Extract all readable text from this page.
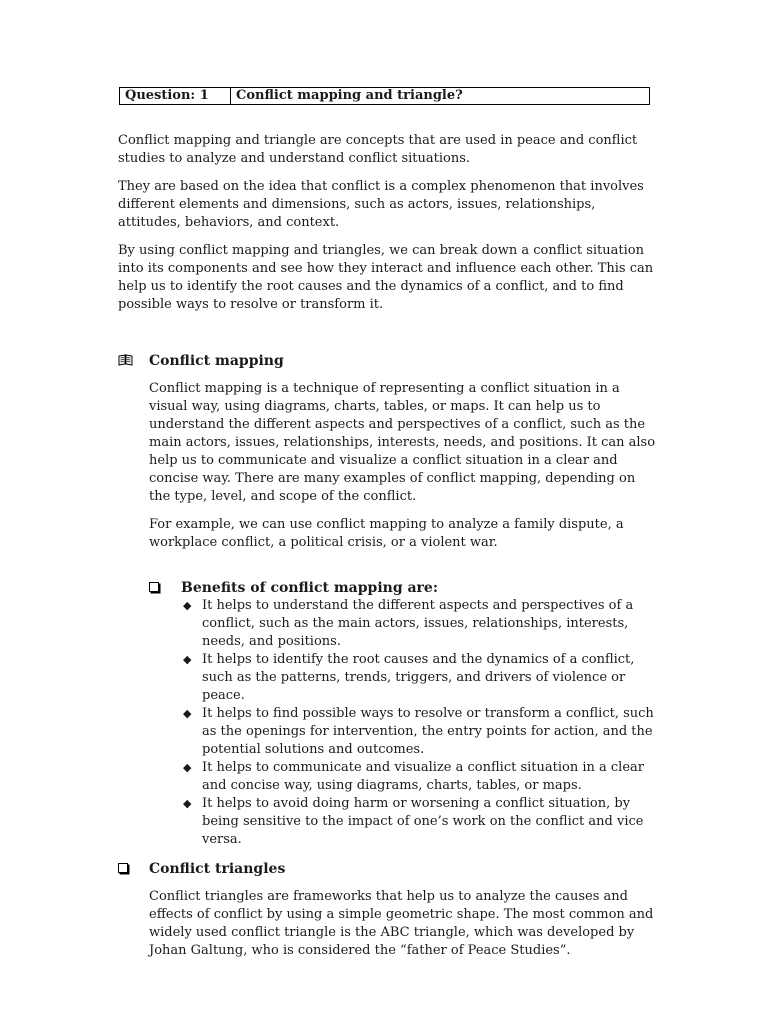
Question: 1	Conflict mapping and triangle?

Conflict mapping and triangle are concepts that are used in peace and conflict studies to analyze and understand conflict situations.

They are based on the idea that conflict is a complex phenomenon that involves different elements and dimensions, such as actors, issues, relationships, attitudes, behaviors, and context.

By using conflict mapping and triangles, we can break down a conflict situation into its components and see how they interact and influence each other. This can help us to identify the root causes and the dynamics of a conflict, and to find possible ways to resolve or transform it.

Conflict mapping

Conflict mapping is a technique of representing a conflict situation in a visual way, using diagrams, charts, tables, or maps. It can help us to understand the different aspects and perspectives of a conflict, such as the main actors, issues, relationships, interests, needs, and positions. It can also help us to communicate and visualize a conflict situation in a clear and concise way. There are many examples of conflict mapping, depending on the type, level, and scope of the conflict.

For example, we can use conflict mapping to analyze a family dispute, a workplace conflict, a political crisis, or a violent war.

Benefits of conflict mapping are:
◆ It helps to understand the different aspects and perspectives of a conflict, such as the main actors, issues, relationships, interests, needs, and positions.
◆ It helps to identify the root causes and the dynamics of a conflict, such as the patterns, trends, triggers, and drivers of violence or peace.
◆ It helps to find possible ways to resolve or transform a conflict, such as the openings for intervention, the entry points for action, and the potential solutions and outcomes.
◆ It helps to communicate and visualize a conflict situation in a clear and concise way, using diagrams, charts, tables, or maps.
◆ It helps to avoid doing harm or worsening a conflict situation, by being sensitive to the impact of one’s work on the conflict and vice versa.
Conflict triangles

Conflict triangles are frameworks that help us to analyze the causes and effects of conflict by using a simple geometric shape. The most common and widely used conflict triangle is the ABC triangle, which was developed by Johan Galtung, who is considered the “father of Peace Studies”.
